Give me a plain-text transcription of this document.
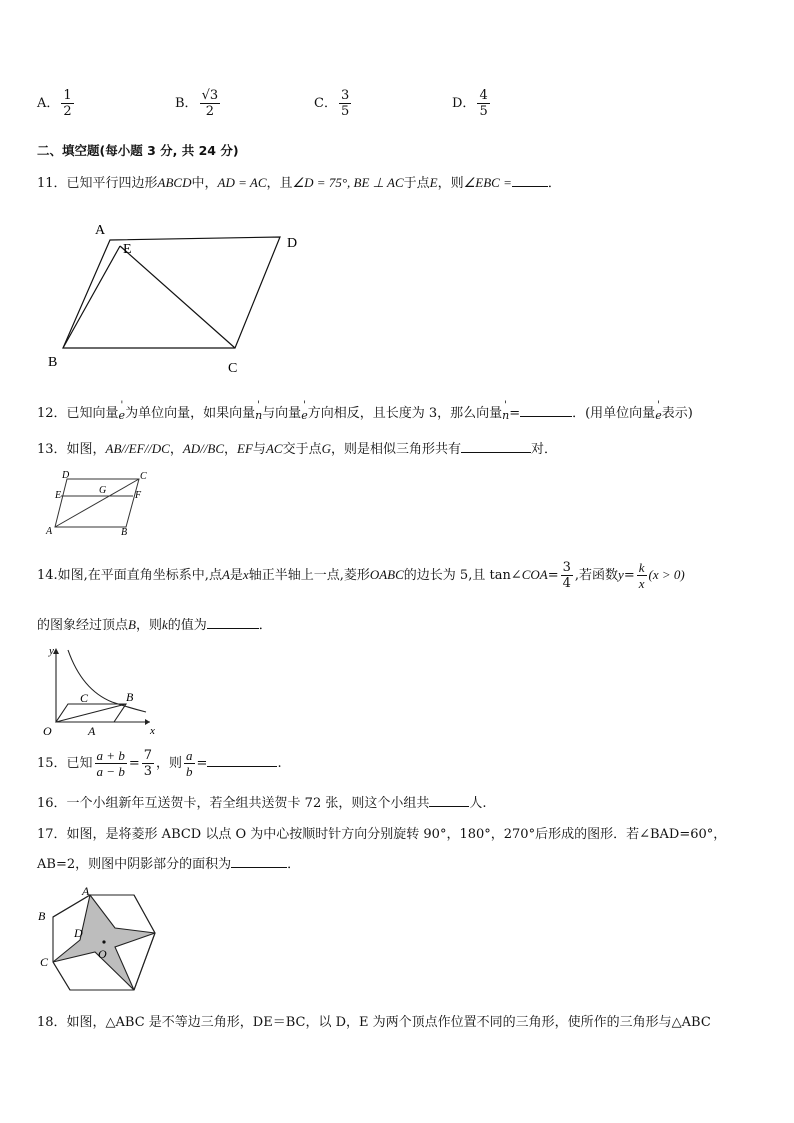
A． $\frac{1}{2}$	B． $\frac{√3}{2}$	C． $\frac{3}{5}$	D． $\frac{4}{5}$
二、填空题(每小题 3 分, 共 24 分)
11．已知平行四边形ABCD中，AD = AC，且∠D = 75°, BE ⊥ AC于点E，则∠EBC =	．
A
E	D
B	C
12．已知向量' e为单位向量，如果向量' n与向量' e方向相反，且长度为 3，那么向量' n=	．(用单位向量' e表示)
13．如图，AB//EF//DC，AD//BC，EF与AC交于点G，则是相似三角形共有	对．
D	C
E	G	F
A	B
14.如图,在平面直角坐标系中,点A是x轴正半轴上一点,菱形OABC的边长为 5,且 tan∠COA= $\frac{3}{4}$ ,若函数$y= \frac{k}{x} (x > 0)$
的图象经过顶点B，则k的值为	．
y
x
O	A
C	B
15．已知 $\frac{a + b}{a - b} = \frac{7}{3}$ ，则 $\frac{a}{b}$ =	.
16．一个小组新年互送贺卡，若全组共送贺卡 72 张，则这个小组共	人.
17．如图，是将菱形 ABCD 以点 O 为中心按顺时针方向分别旋转 90°，180°，270°后形成的图形．若∠BAD=60°，
AB=2，则图中阴影部分的面积为	．
A
B
D
O
C
18．如图，△ABC 是不等边三角形，DE＝BC，以 D，E 为两个顶点作位置不同的三角形，使所作的三角形与△ABC
